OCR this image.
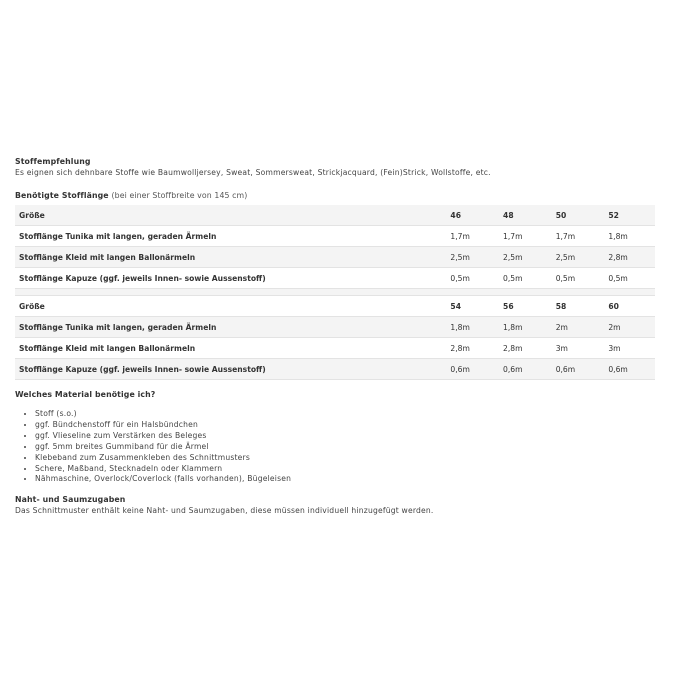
Stoffempfehlung
Es eignen sich dehnbare Stoffe wie Baumwolljersey, Sweat, Sommersweat, Strickjacquard, (Fein)Strick, Wollstoffe, etc.
Benötigte Stofflänge (bei einer Stoffbreite von 145 cm)
Größe	46	48	50	52
Stofflänge Tunika mit langen, geraden Ärmeln	1,7m	1,7m	1,7m	1,8m
Stofflänge Kleid mit langen Ballonärmeln	2,5m	2,5m	2,5m	2,8m
Stofflänge Kapuze (ggf. jeweils Innen- sowie Aussenstoff)	0,5m	0,5m	0,5m	0,5m

Größe	54	56	58	60
Stofflänge Tunika mit langen, geraden Ärmeln	1,8m	1,8m	2m	2m
Stofflänge Kleid mit langen Ballonärmeln	2,8m	2,8m	3m	3m
Stofflänge Kapuze (ggf. jeweils Innen- sowie Aussenstoff)	0,6m	0,6m	0,6m	0,6m
Welches Material benötige ich?
• Stoff (s.o.)
• ggf. Bündchenstoff für ein Halsbündchen
• ggf. Vlieseline zum Verstärken des Beleges
• ggf. 5mm breites Gummiband für die Ärmel
• Klebeband zum Zusammenkleben des Schnittmusters
• Schere, Maßband, Stecknadeln oder Klammern
• Nähmaschine, Overlock/Coverlock (falls vorhanden), Bügeleisen
Naht- und Saumzugaben
Das Schnittmuster enthält keine Naht- und Saumzugaben, diese müssen individuell hinzugefügt werden.
